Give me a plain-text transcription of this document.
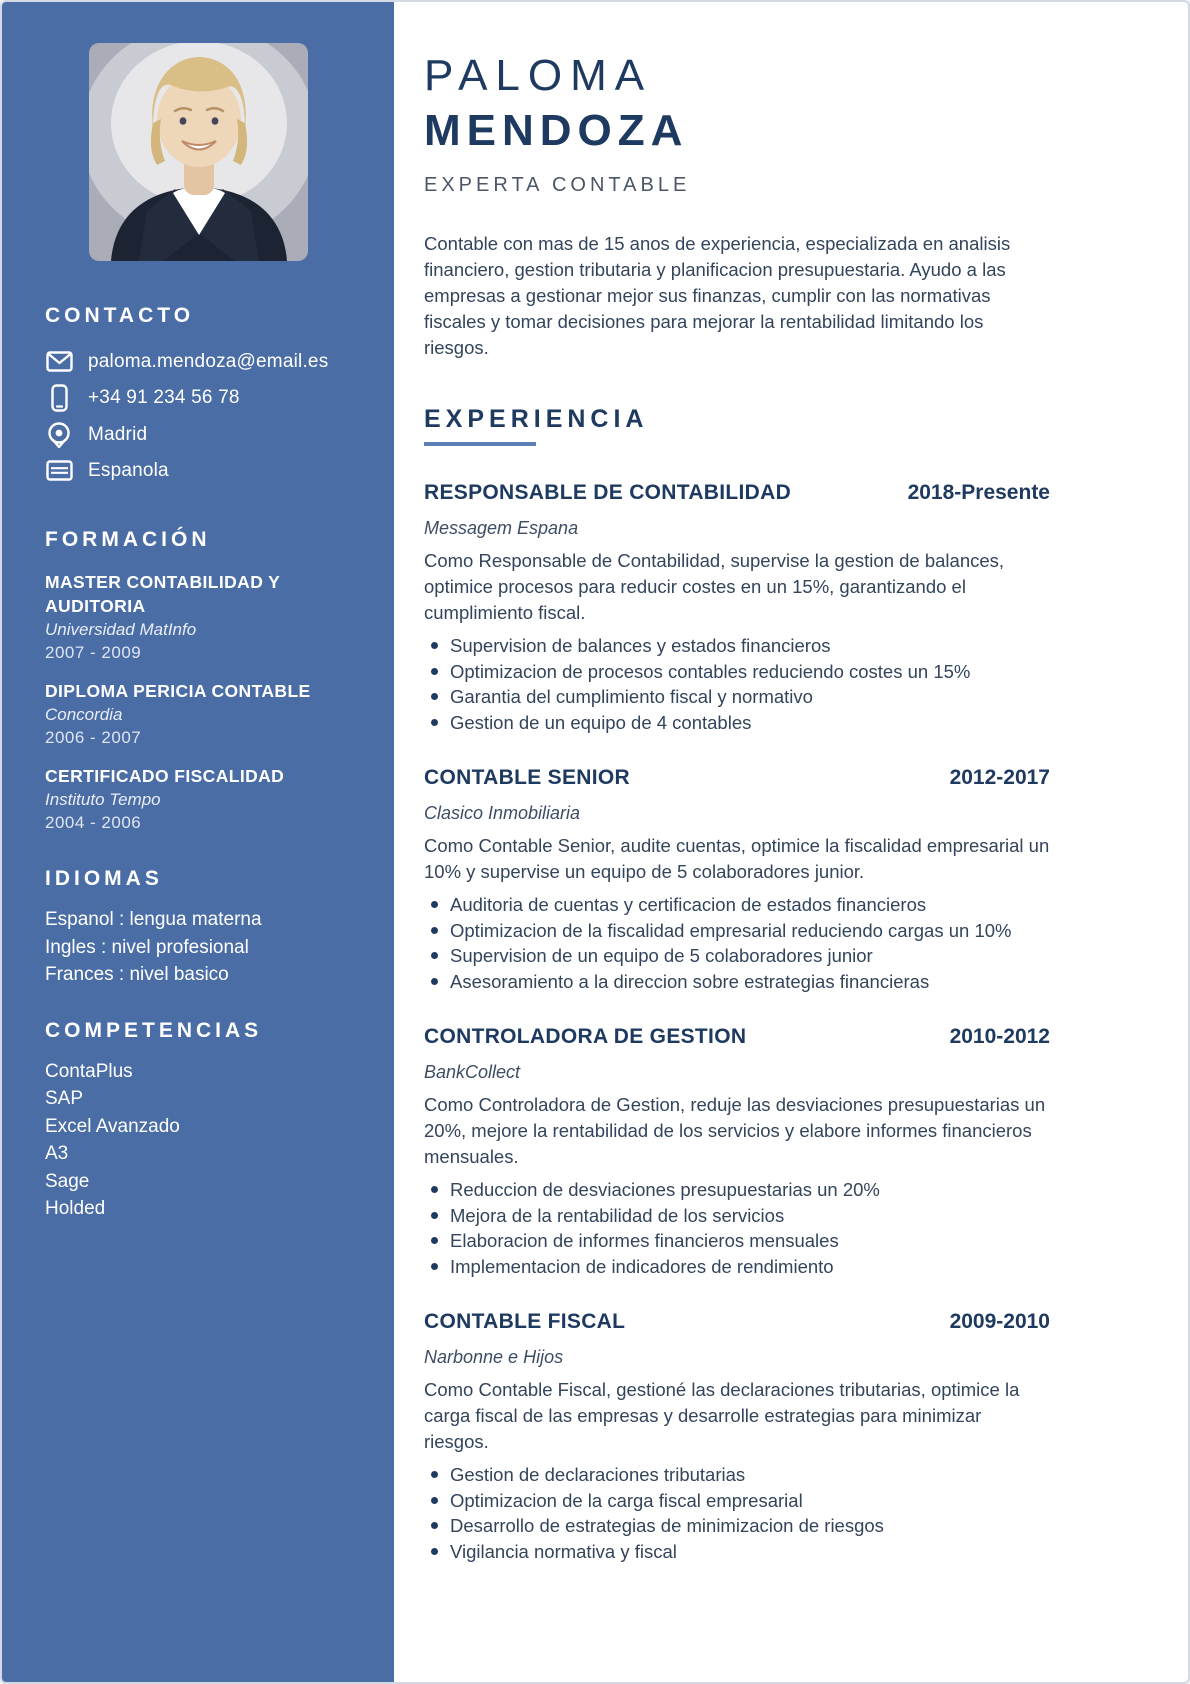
CONTACTO
paloma.mendoza@email.es
+34 91 234 56 78
Madrid
Espanola
FORMACIÓN
MASTER CONTABILIDAD Y AUDITORIA
Universidad MatInfo
2007 - 2009
DIPLOMA PERICIA CONTABLE
Concordia
2006 - 2007
CERTIFICADO FISCALIDAD
Instituto Tempo
2004 - 2006
IDIOMAS
Espanol : lengua materna
Ingles : nivel profesional
Frances : nivel basico
COMPETENCIAS
ContaPlus
SAP
Excel Avanzado
A3
Sage
Holded
PALOMA
MENDOZA
EXPERTA CONTABLE

Contable con mas de 15 anos de experiencia, especializada en analisis financiero, gestion tributaria y planificacion presupuestaria. Ayudo a las empresas a gestionar mejor sus finanzas, cumplir con las normativas fiscales y tomar decisiones para mejorar la rentabilidad limitando los riesgos.

EXPERIENCIA
RESPONSABLE DE CONTABILIDAD	2018-Presente

Messagem Espana

Como Responsable de Contabilidad, supervise la gestion de balances, optimice procesos para reducir costes en un 15%, garantizando el cumplimiento fiscal.

Supervision de balances y estados financieros
Optimizacion de procesos contables reduciendo costes un 15%
Garantia del cumplimiento fiscal y normativo
Gestion de un equipo de 4 contables
CONTABLE SENIOR	2012-2017

Clasico Inmobiliaria

Como Contable Senior, audite cuentas, optimice la fiscalidad empresarial un 10% y supervise un equipo de 5 colaboradores junior.

Auditoria de cuentas y certificacion de estados financieros
Optimizacion de la fiscalidad empresarial reduciendo cargas un 10%
Supervision de un equipo de 5 colaboradores junior
Asesoramiento a la direccion sobre estrategias financieras
CONTROLADORA DE GESTION	2010-2012

BankCollect

Como Controladora de Gestion, reduje las desviaciones presupuestarias un 20%, mejore la rentabilidad de los servicios y elabore informes financieros mensuales.

Reduccion de desviaciones presupuestarias un 20%
Mejora de la rentabilidad de los servicios
Elaboracion de informes financieros mensuales
Implementacion de indicadores de rendimiento
CONTABLE FISCAL	2009-2010

Narbonne e Hijos

Como Contable Fiscal, gestioné las declaraciones tributarias, optimice la carga fiscal de las empresas y desarrolle estrategias para minimizar riesgos.

Gestion de declaraciones tributarias
Optimizacion de la carga fiscal empresarial
Desarrollo de estrategias de minimizacion de riesgos
Vigilancia normativa y fiscal
